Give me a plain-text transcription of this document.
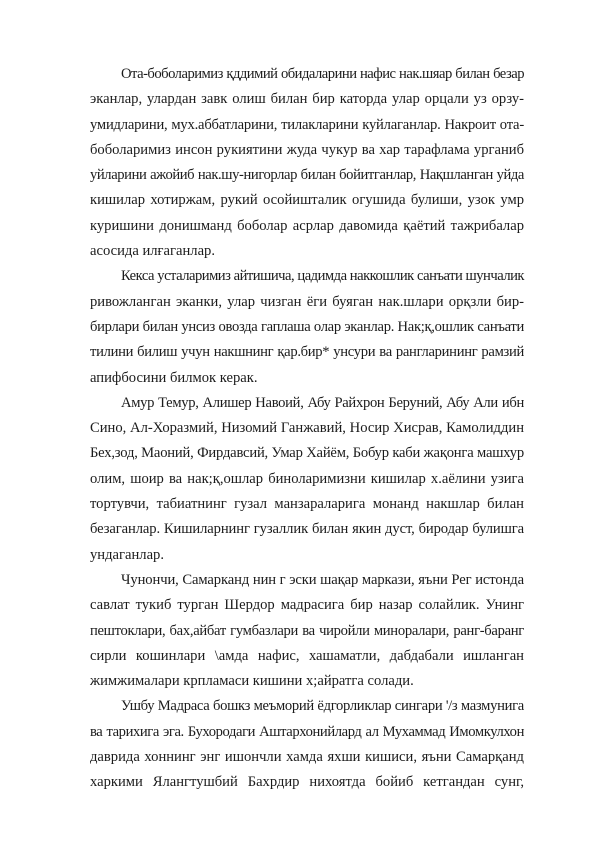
Ота-боболаримиз қддимий обидаларини нафис нак.шяар билан безар
эканлар, улардан завк олиш билан бир каторда улар орцали уз орзу-
умидларини, мух.аббатларини, тилакларини куйлаганлар. Накроит ота-
боболаримиз инсон рукиятини жуда чукур ва хар тарафлама урганиб
уйларини ажойиб нак.шу-нигорлар билан бойитганлар, Нақшланган уйда
кишилар хотиржам, рукий осойишталик огушида булиши, узок умр
куришини донишманд боболар асрлар давомида қаётий тажрибалар
асосида илғаганлар.
Кекса усталаримиз айтишича, цадимда наккошлик санъати шунчалик
ривожланган эканки, улар чизган ёги буяган нак.шлари орқзли бир-
бирлари билан унсиз овозда гаплаша олар эканлар. Нак;қ,ошлик санъати
тилини билиш учун накшнинг қар.бир* унсури ва рангларининг рамзий
апифбосини билмок керак.
Амур Темур, Алишер Навоий, Абу Райхрон Беруний, Абу Али ибн
Сино, Ал-Хоразмий, Низомий Ганжавий, Носир Хисрав, Камолиддин
Бех,зод, Маоний, Фирдавсий, Умар Хайём, Бобур каби жақонга машхур
олим, шоир ва нак;қ,ошлар биноларимизни кишилар х.аёлини узига
тортувчи, табиатнинг гузал манзараларига монанд накшлар билан
безаганлар. Кишиларнинг гузаллик билан якин дуст, биродар булишга
ундаганлар.
Чунончи, Самарканд нин г эски шақар маркази, яъни Рег истонда
савлат тукиб турган Шердор мадрасига бир назар солайлик. Унинг
пештоклари, бах,айбат гумбазлари ва чиройли миноралари, ранг-баранг
сирли кошинлари \амда нафис, хашаматли, дабдабали ишланган
жимжималари крпламаси кишини х;айратга солади.
Ушбу Мадраса бошкз меъморий ёдгорликлар сингари '/з мазмунига
ва тарихига эга. Бухородаги Аштархонийлард ал Мухаммад Имомкулхон
даврида хоннинг энг ишончли хамда яхши кишиси, яъни Самарқанд
харкими Ялангтушбий Бахрдир нихоятда бойиб кетгандан сунг,
